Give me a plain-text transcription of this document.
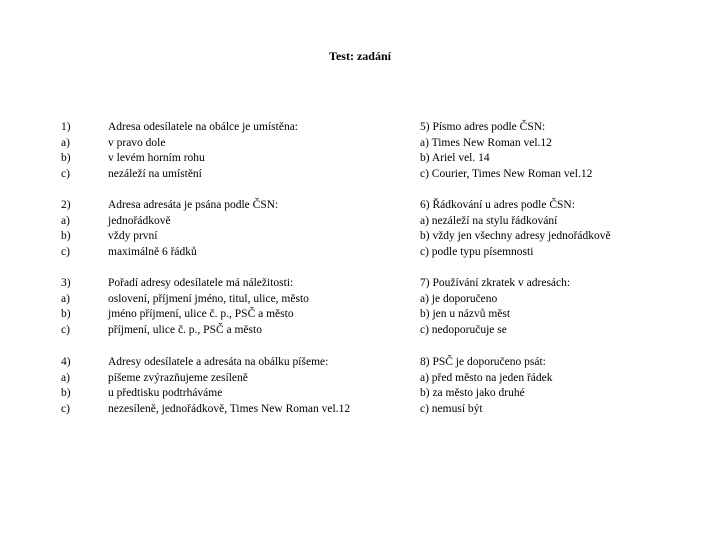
Test: zadání
1)
a)
b)
c)
Adresa odesílatele na obálce je umístěna:
v pravo dole
v levém horním rohu
nezáleží na umístění
2)
a)
b)
c)
Adresa adresáta je psána podle ČSN:
jednořádkově
vždy první
maximálně 6 řádků
3)
a)
b)
c)
Pořadí adresy odesílatele má náležitosti:
oslovení, příjmení jméno, titul, ulice, město
jméno příjmení, ulice č. p., PSČ a město
příjmení, ulice č. p., PSČ a město
4)
a)
b)
c)
Adresy odesílatele a adresáta na obálku píšeme:
píšeme zvýrazňujeme zesíleně
u předtisku podtrháváme
nezesíleně, jednořádkově, Times New Roman vel.12
5) Písmo adres podle ČSN:
a) Times New Roman vel.12
b) Ariel vel. 14
c) Courier, Times New Roman vel.12
6) Řádkování u adres podle ČSN:
a) nezáleží na stylu řádkování
b) vždy jen všechny adresy jednořádkově
c) podle typu písemnosti
7) Používání zkratek v adresách:
a) je doporučeno
b) jen u názvů měst
c) nedoporučuje se
8) PSČ je doporučeno psát:
a) před město na jeden řádek
b) za město jako druhé
c) nemusí být
